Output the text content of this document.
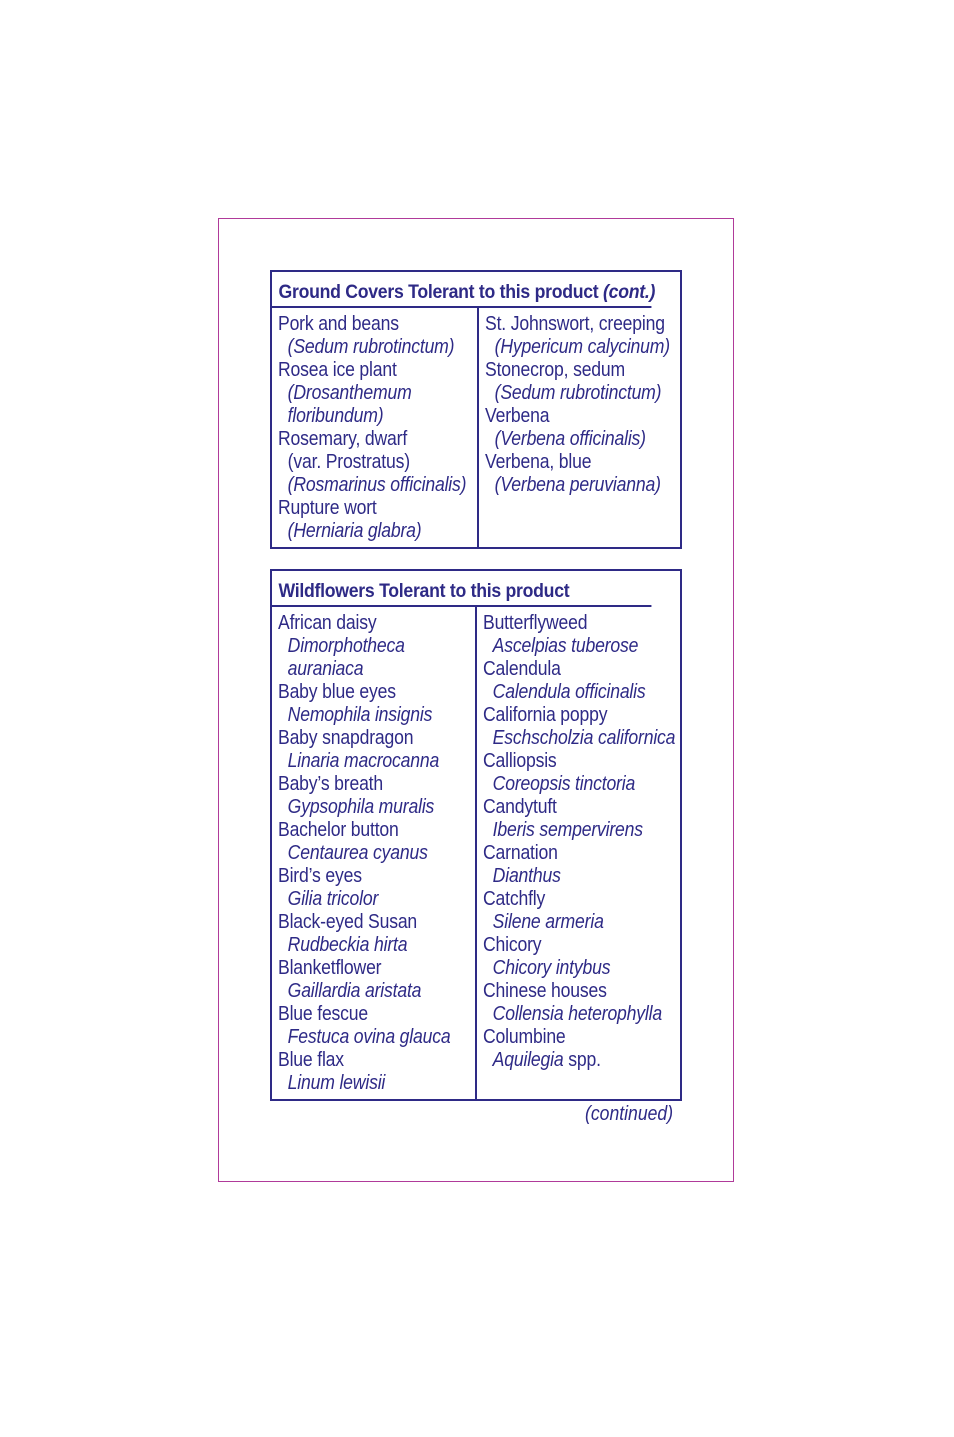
Ground Covers Tolerant to this product (cont.)
Pork and beans
(Sedum rubrotinctum)
Rosea ice plant
(Drosanthemum
floribundum)
Rosemary, dwarf
(var. Prostratus)
(Rosmarinus officinalis)
Rupture wort
(Herniaria glabra)
St. Johnswort, creeping
(Hypericum calycinum)
Stonecrop, sedum
(Sedum rubrotinctum)
Verbena
(Verbena officinalis)
Verbena, blue
(Verbena peruvianna)
Wildflowers Tolerant to this product
African daisy
Dimorphotheca
auraniaca
Baby blue eyes
Nemophila insignis
Baby snapdragon
Linaria macrocanna
Baby’s breath
Gypsophila muralis
Bachelor button
Centaurea cyanus
Bird’s eyes
Gilia tricolor
Black-eyed Susan
Rudbeckia hirta
Blanketflower
Gaillardia aristata
Blue fescue
Festuca ovina glauca
Blue flax
Linum lewisii
Butterflyweed
Ascelpias tuberose
Calendula
Calendula officinalis
California poppy
Eschscholzia californica
Calliopsis
Coreopsis tinctoria
Candytuft
Iberis sempervirens
Carnation
Dianthus
Catchfly
Silene armeria
Chicory
Chicory intybus
Chinese houses
Collensia heterophylla
Columbine
Aquilegia spp.
(continued)
